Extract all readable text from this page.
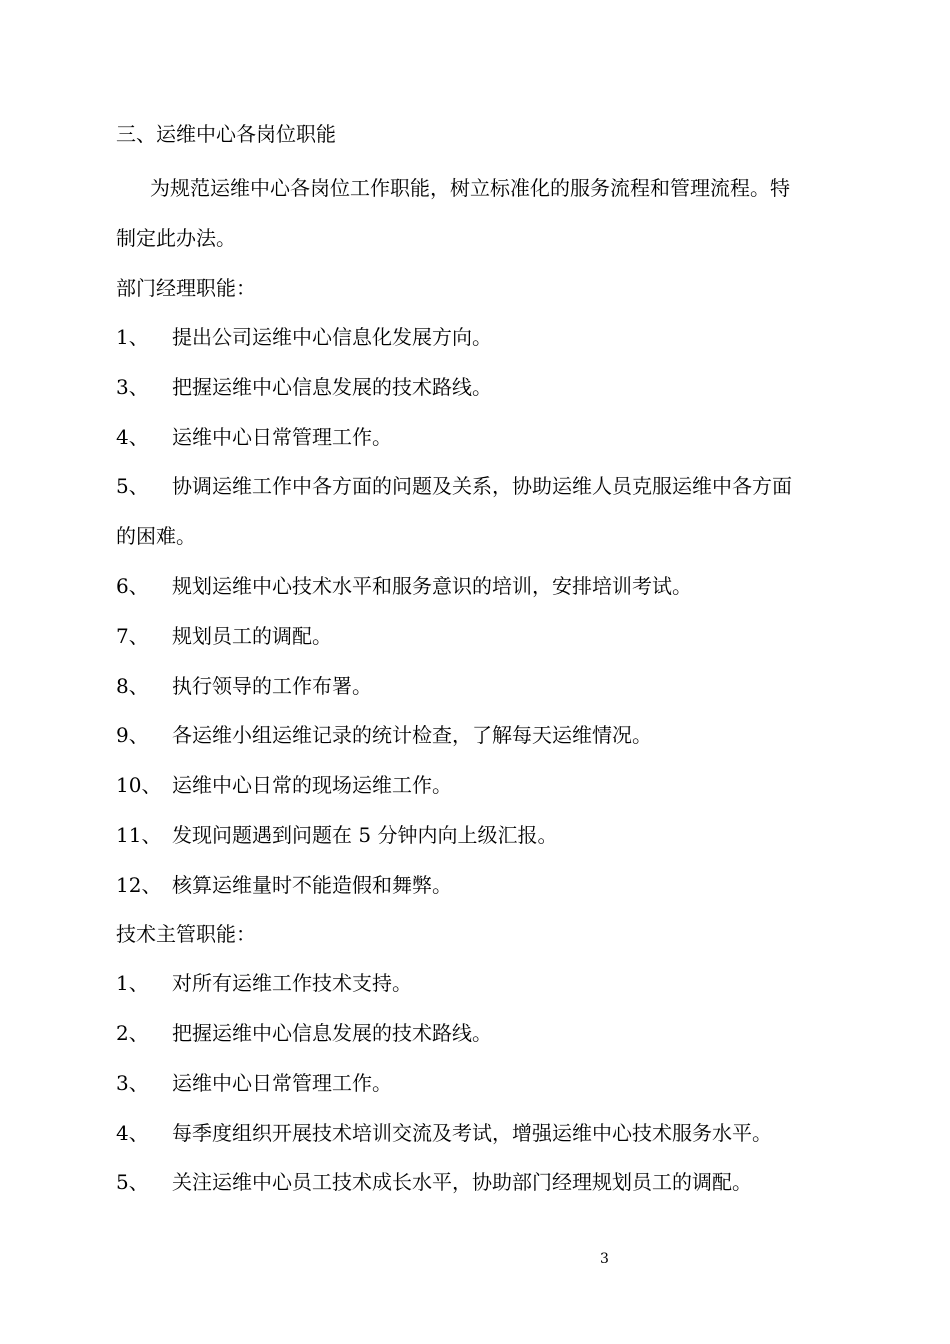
三、运维中心各岗位职能
为规范运维中心各岗位工作职能，树立标准化的服务流程和管理流程。特
制定此办法。
部门经理职能：
1、 提出公司运维中心信息化发展方向。
3、 把握运维中心信息发展的技术路线。
4、 运维中心日常管理工作。
5、 协调运维工作中各方面的问题及关系，协助运维人员克服运维中各方面
的困难。
6、 规划运维中心技术水平和服务意识的培训，安排培训考试。
7、 规划员工的调配。
8、 执行领导的工作布署。
9、 各运维小组运维记录的统计检查，了解每天运维情况。
10、 运维中心日常的现场运维工作。
11、 发现问题遇到问题在 5 分钟内向上级汇报。
12、 核算运维量时不能造假和舞弊。
技术主管职能：
1、 对所有运维工作技术支持。
2、 把握运维中心信息发展的技术路线。
3、 运维中心日常管理工作。
4、 每季度组织开展技术培训交流及考试，增强运维中心技术服务水平。
5、 关注运维中心员工技术成长水平，协助部门经理规划员工的调配。
3
